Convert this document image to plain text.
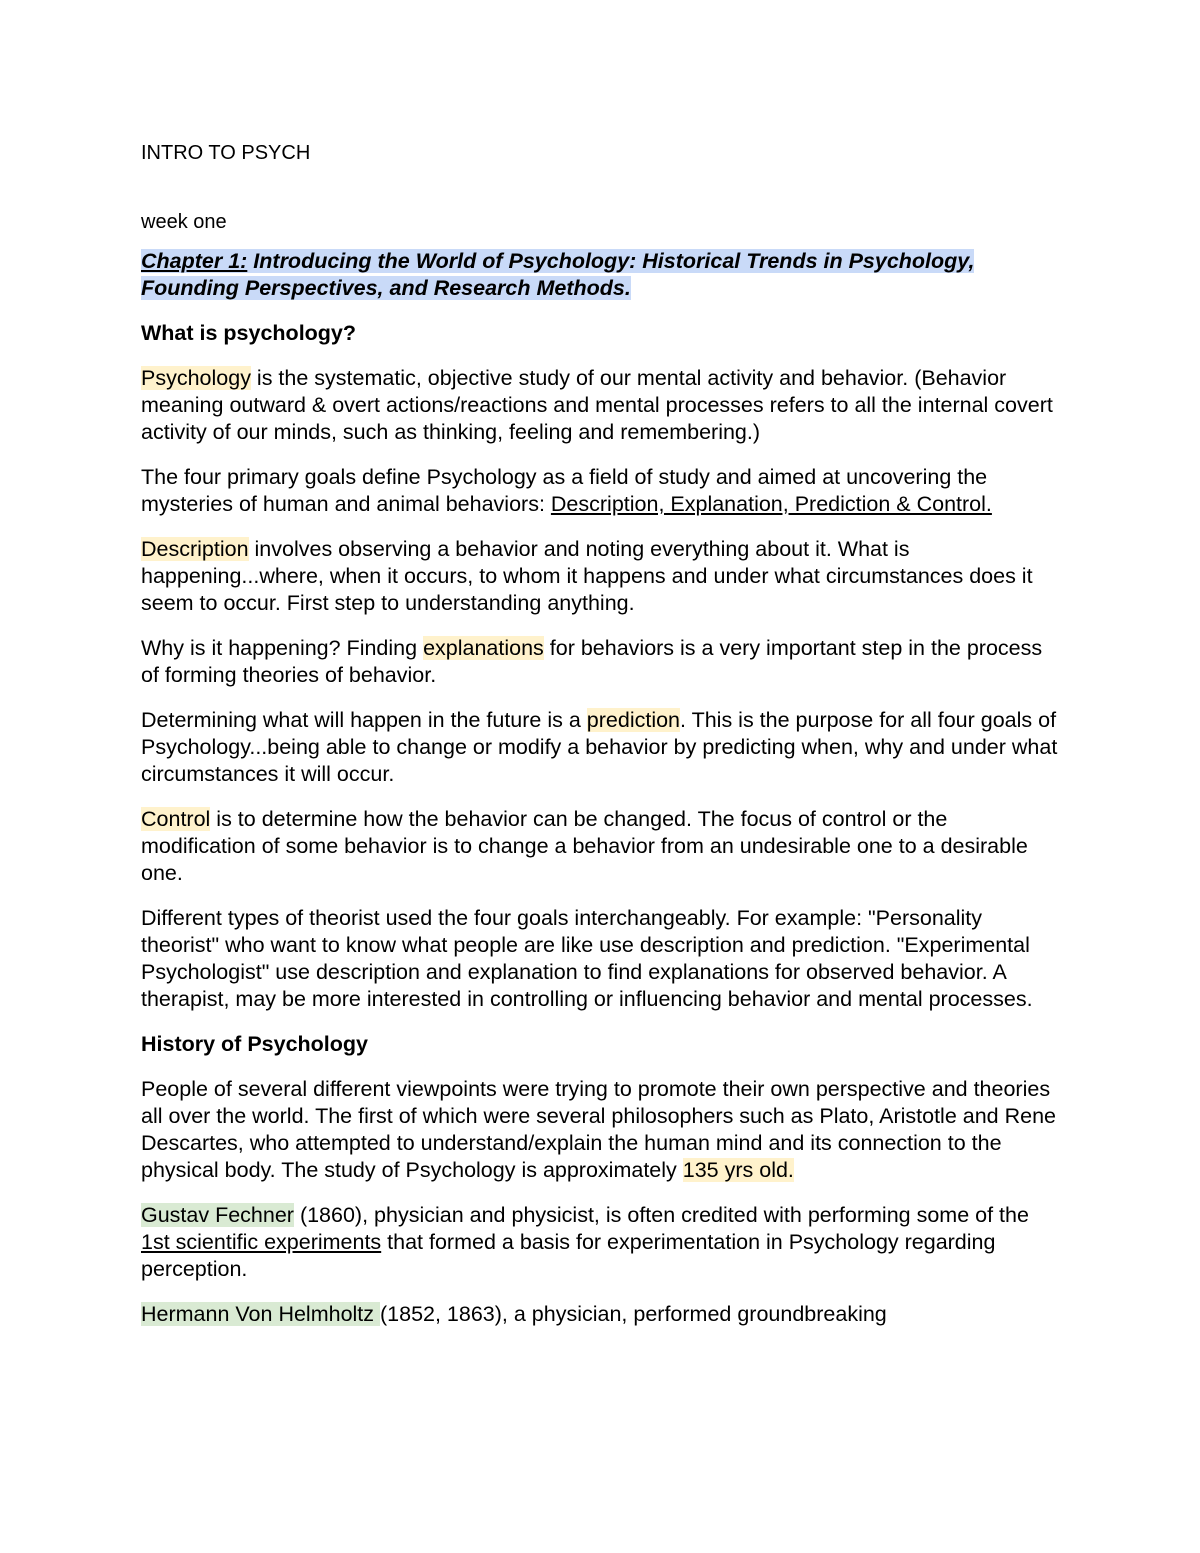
INTRO TO PSYCH
week one

Chapter 1: Introducing the World of Psychology: Historical Trends in Psychology, Founding Perspectives, and Research Methods.

What is psychology?

Psychology is the systematic, objective study of our mental activity and behavior. (Behavior meaning outward & overt actions/reactions and mental processes refers to all the internal covert activity of our minds, such as thinking, feeling and remembering.)

The four primary goals define Psychology as a field of study and aimed at uncovering the mysteries of human and animal behaviors: Description, Explanation, Prediction & Control.

Description involves observing a behavior and noting everything about it. What is happening...where, when it occurs, to whom it happens and under what circumstances does it seem to occur. First step to understanding anything.

Why is it happening? Finding explanations for behaviors is a very important step in the process of forming theories of behavior.

Determining what will happen in the future is a prediction. This is the purpose for all four goals of Psychology...being able to change or modify a behavior by predicting when, why and under what circumstances it will occur.

Control is to determine how the behavior can be changed. The focus of control or the modification of some behavior is to change a behavior from an undesirable one to a desirable one.

Different types of theorist used the four goals interchangeably. For example: "Personality theorist" who want to know what people are like use description and prediction. "Experimental Psychologist" use description and explanation to find explanations for observed behavior. A therapist, may be more interested in controlling or influencing behavior and mental processes.

History of Psychology

People of several different viewpoints were trying to promote their own perspective and theories all over the world. The first of which were several philosophers such as Plato, Aristotle and Rene Descartes, who attempted to understand/explain the human mind and its connection to the physical body. The study of Psychology is approximately 135 yrs old.

Gustav Fechner (1860), physician and physicist, is often credited with performing some of the 1st scientific experiments that formed a basis for experimentation in Psychology regarding perception.

Hermann Von Helmholtz (1852, 1863), a physician, performed groundbreaking
